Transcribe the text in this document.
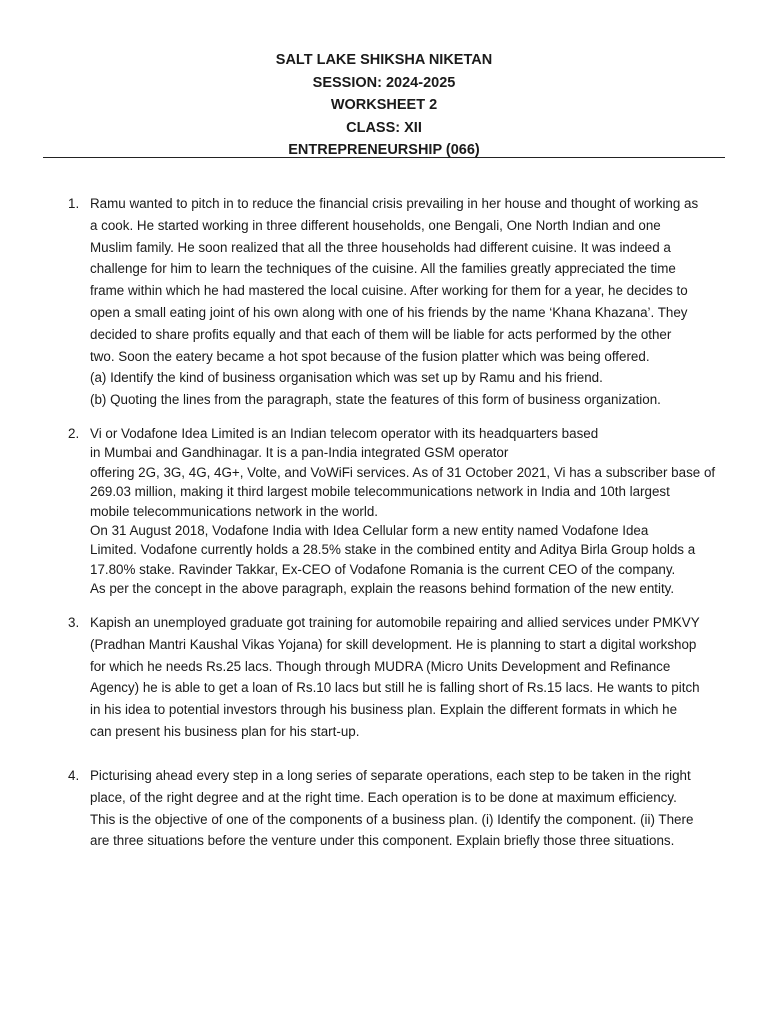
SALT LAKE SHIKSHA NIKETAN
SESSION: 2024-2025
WORKSHEET 2
CLASS: XII
ENTREPRENEURSHIP (066)
1. Ramu wanted to pitch in to reduce the financial crisis prevailing in her house and thought of working as
a cook. He started working in three different households, one Bengali, One North Indian and one
Muslim family. He soon realized that all the three households had different cuisine. It was indeed a
challenge for him to learn the techniques of the cuisine. All the families greatly appreciated the time
frame within which he had mastered the local cuisine. After working for them for a year, he decides to
open a small eating joint of his own along with one of his friends by the name ‘Khana Khazana’. They
decided to share profits equally and that each of them will be liable for acts performed by the other
two. Soon the eatery became a hot spot because of the fusion platter which was being offered.
(a) Identify the kind of business organisation which was set up by Ramu and his friend.
(b) Quoting the lines from the paragraph, state the features of this form of business organization.
2. Vi or Vodafone Idea Limited is an Indian telecom operator with its headquarters based
in Mumbai and Gandhinagar. It is a pan-India integrated GSM operator
offering 2G, 3G, 4G, 4G+, Volte, and VoWiFi services. As of 31 October 2021, Vi has a subscriber base of
269.03 million, making it third largest mobile telecommunications network in India and 10th largest
mobile telecommunications network in the world.
On 31 August 2018, Vodafone India with Idea Cellular form a new entity named Vodafone Idea
Limited. Vodafone currently holds a 28.5% stake in the combined entity and Aditya Birla Group holds a
17.80% stake. Ravinder Takkar, Ex-CEO of Vodafone Romania is the current CEO of the company.
As per the concept in the above paragraph, explain the reasons behind formation of the new entity.
3. Kapish an unemployed graduate got training for automobile repairing and allied services under PMKVY
(Pradhan Mantri Kaushal Vikas Yojana) for skill development. He is planning to start a digital workshop
for which he needs Rs.25 lacs. Though through MUDRA (Micro Units Development and Refinance
Agency) he is able to get a loan of Rs.10 lacs but still he is falling short of Rs.15 lacs. He wants to pitch
in his idea to potential investors through his business plan. Explain the different formats in which he
can present his business plan for his start-up.
4. Picturising ahead every step in a long series of separate operations, each step to be taken in the right
place, of the right degree and at the right time. Each operation is to be done at maximum efficiency.
This is the objective of one of the components of a business plan. (i) Identify the component. (ii) There
are three situations before the venture under this component. Explain briefly those three situations.
